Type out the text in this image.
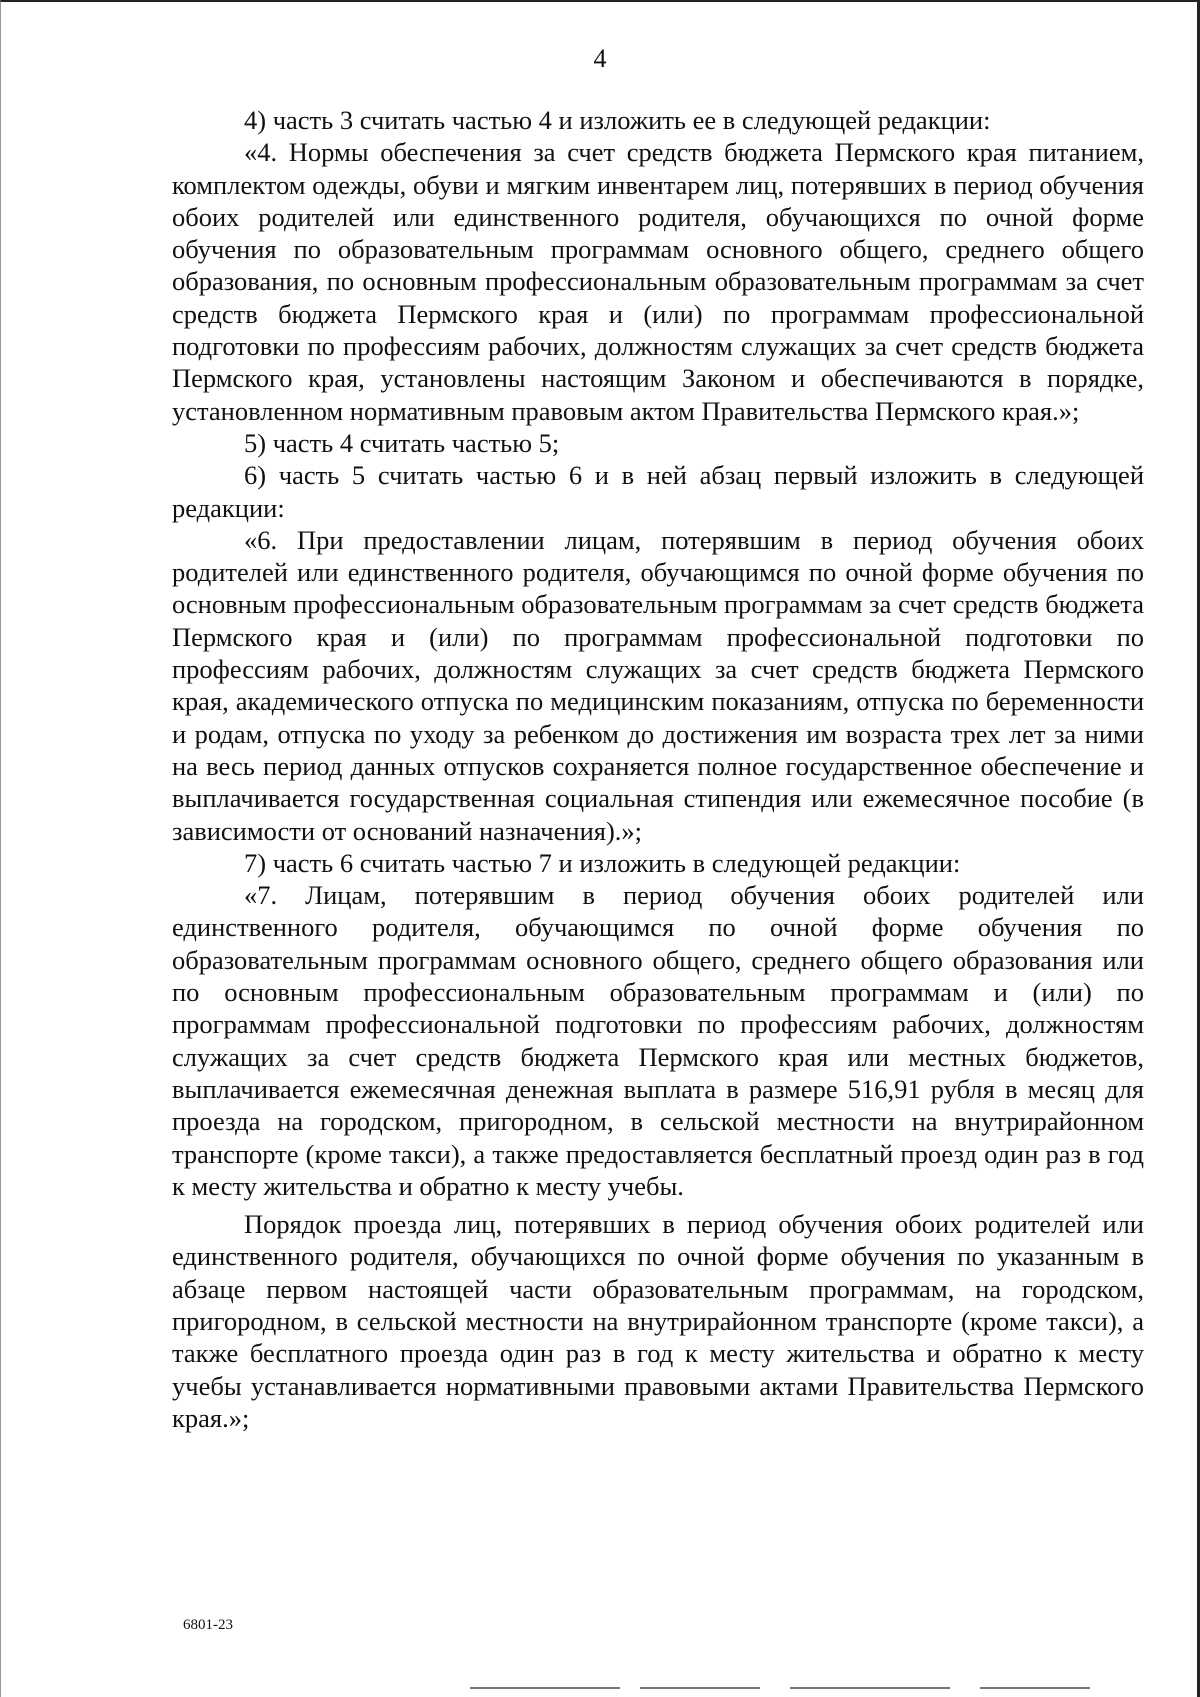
4

4) часть 3 считать частью 4 и изложить ее в следующей редакции:

«4. Нормы обеспечения за счет средств бюджета Пермского края питанием, комплектом одежды, обуви и мягким инвентарем лиц, потерявших в период обучения обоих родителей или единственного родителя, обучающихся по очной форме обучения по образовательным программам основного общего, среднего общего образования, по основным профессиональным образовательным программам за счет средств бюджета Пермского края и (или) по программам профессиональной подготовки по профессиям рабочих, должностям служащих за счет средств бюджета Пермского края, установлены настоящим Законом и обеспечиваются в порядке, установленном нормативным правовым актом Правительства Пермского края.»;

5) часть 4 считать частью 5;

6) часть 5 считать частью 6 и в ней абзац первый изложить в следующей редакции:

«6. При предоставлении лицам, потерявшим в период обучения обоих родителей или единственного родителя, обучающимся по очной форме обучения по основным профессиональным образовательным программам за счет средств бюджета Пермского края и (или) по программам профессиональной подготовки по профессиям рабочих, должностям служащих за счет средств бюджета Пермского края, академического отпуска по медицинским показаниям, отпуска по беременности и родам, отпуска по уходу за ребенком до достижения им возраста трех лет за ними на весь период данных отпусков сохраняется полное государственное обеспечение и выплачивается государственная социальная стипендия или ежемесячное пособие (в зависимости от оснований назначения).»;

7) часть 6 считать частью 7 и изложить в следующей редакции:

«7. Лицам, потерявшим в период обучения обоих родителей или единственного родителя, обучающимся по очной форме обучения по образовательным программам основного общего, среднего общего образования или по основным профессиональным образовательным программам и (или) по программам профессиональной подготовки по профессиям рабочих, должностям служащих за счет средств бюджета Пермского края или местных бюджетов, выплачивается ежемесячная денежная выплата в размере 516,91 рубля в месяц для проезда на городском, пригородном, в сельской местности на внутрирайонном транспорте (кроме такси), а также предоставляется бесплатный проезд один раз в год к месту жительства и обратно к месту учебы.

Порядок проезда лиц, потерявших в период обучения обоих родителей или единственного родителя, обучающихся по очной форме обучения по указанным в абзаце первом настоящей части образовательным программам, на городском, пригородном, в сельской местности на внутрирайонном транспорте (кроме такси), а также бесплатного проезда один раз в год к месту жительства и обратно к месту учебы устанавливается нормативными правовыми актами Правительства Пермского края.»;

6801-23
